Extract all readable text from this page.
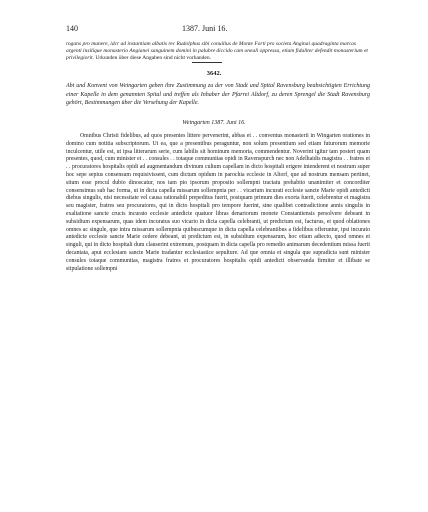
140	1387. Juni 16.
rogans pro munere, idcr ad instantiam albatis rec Rudolphus sibi conuilius de Monte Forti pro societa Anginai quadraginta marcas argenti insilique monasterio Angianei sanguinem domini in palubre diccido cam oneali oppressa, etiam fidaliter defendit monasterium et privilegiorit. Urkunden über diese Angaben sind nicht vorhanden.
3642.
Abt und Konvent von Weingarten geben ihre Zustimmung zu der von Stadt und Spital Ravensburg beabsichtigten Errichtung einer Kapelle in dem genannten Spital und treffen als Inhaber der Pfarrei Altdorf, zu deren Sprengel die Stadt Ravensburg gehört, Bestimmungen über die Versehung der Kapelle.
Weingarten 1387. Juni 16.

Omnibus Christi fidelibus, ad quos presentes littere pervenerint, abbas et . . conventus monasterii in Wingarten orationes in domino cum notitia subscriptorum. Ut ea, que a presentibus peraguntur, non solum presentium sed etiam futurorum memorie inculcentur, utile est, ut ipsa litterarum serie, cum labilis sit hominum memoria, commendentur. Noverint igitur tam posteri quam presentes, quod, cum minister et . . consules . . totaque communitas opidi in Ravenspurch nec non Adelhaidis magistra . . fratres et . . procuratores hospitalis opidi ad augmentandum divinum cultum capellam in dicto hospitali erigere intenderent et nostrum super hoc sepe sepius consensum requisivissent, cum dictum opidum in parochia ecclesie in Altorf, que ad nostrum mensam pertinet, situm esse procul dubio dinoscatur, nos tam pio ipsorum proposito sollempni tractatu prehabito unanimiter et concorditer consensimus sub hac forma, ut in dicta capella missarum sollempnia per . . vicarium incurati ecclesie sancte Marie opidi antedicti diebus singulis, nisi necessitate vel causa rationabili prepeditus fuerit, postquam primum dies exorta fuerit, celebrentur et magistra seu magister, fratres seu procuratores, qui in dicto hospitali pro tempore fuerint, sine qualibet contradictione annis singulis in exaltatione sancte crucis incurato ecclesie antedicte quatuor libras denariorum monete Constantiensis persolvere debeant in subsidium expensarum, quas idem incuratus suo vicario in dicta capella celebranti, ut predictum est, facturus, et quod oblationes omnes ac singule, que intra missarum sollempnia quibuscumque in dicta capella celebrantibus a fidelibus offeruntur, ipsi incurato antedicte ecclesie sancte Marie cedere debeant, ut predictum est, in subsidium expensarum, hoc etiam adiecto, quod omnes et singuli, qui in dicto hospitali dum clauserint extremum, postquam in dicta capella pro remedio animarum decedentium missa fuerit decantata, aput ecclesiam sancte Marie tradantur ecclesiastice sepulture. Ad que omnia et singula que supradicta sunt minister consules totaque communitas, magistra fratres et procuratores hospitalis opidi antedicti observanda firmiter et illibate se stipulatione sollempni
